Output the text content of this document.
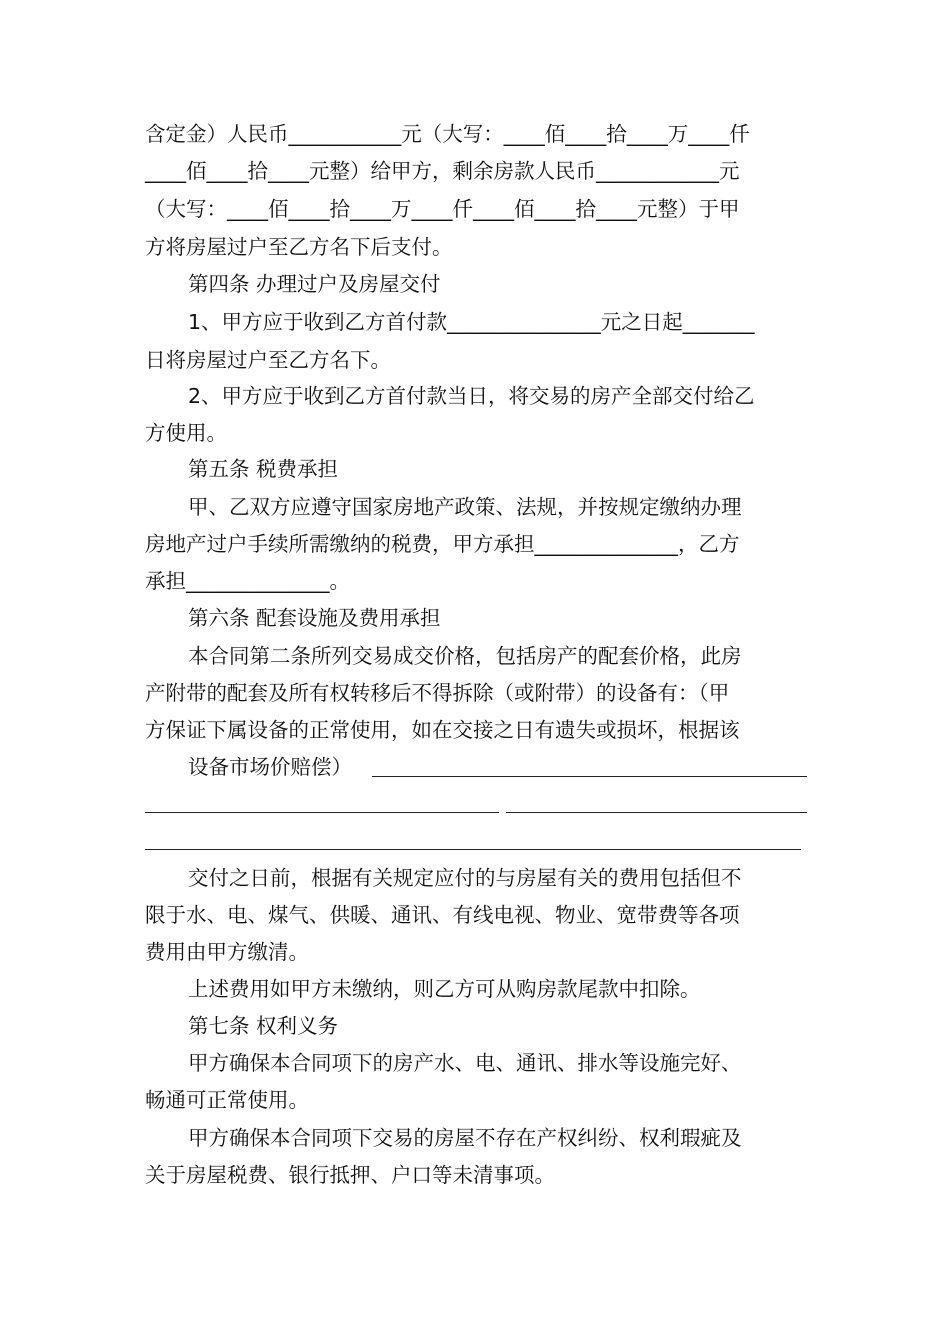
含定金）人民币___________元（大写：____佰____拾____万____仟
____佰____拾____元整）给甲方，剩余房款人民币____________元
（大写：____佰____拾____万____仟____佰____拾____元整）于甲
方将房屋过户至乙方名下后支付。
第四条 办理过户及房屋交付
1、甲方应于收到乙方首付款_______________元之日起_______
日将房屋过户至乙方名下。
2、甲方应于收到乙方首付款当日，将交易的房产全部交付给乙
方使用。
第五条 税费承担
甲、乙双方应遵守国家房地产政策、法规，并按规定缴纳办理
房地产过户手续所需缴纳的税费，甲方承担______________，乙方
承担______________。
第六条 配套设施及费用承担
本合同第二条所列交易成交价格，包括房产的配套价格，此房
产附带的配套及所有权转移后不得拆除（或附带）的设备有：（甲
方保证下属设备的正常使用，如在交接之日有遗失或损坏，根据该
设备市场价赔偿）
交付之日前，根据有关规定应付的与房屋有关的费用包括但不
限于水、电、煤气、供暖、通讯、有线电视、物业、宽带费等各项
费用由甲方缴清。
上述费用如甲方未缴纳，则乙方可从购房款尾款中扣除。
第七条 权利义务
甲方确保本合同项下的房产水、电、通讯、排水等设施完好、
畅通可正常使用。
甲方确保本合同项下交易的房屋不存在产权纠纷、权利瑕疵及
关于房屋税费、银行抵押、户口等未清事项。
